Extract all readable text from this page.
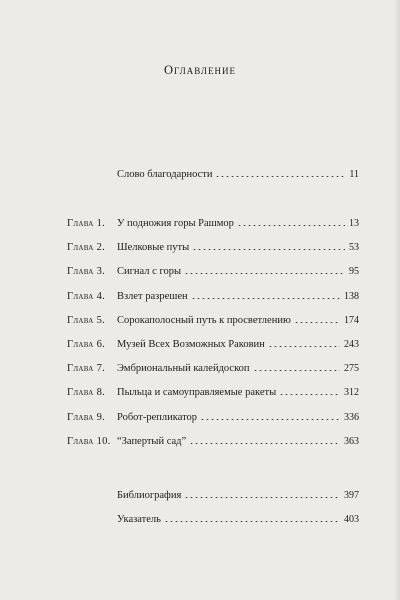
Оглавление
Слово благодарности	11
Глава 1. У подножия горы Рашмор	13
Глава 2. Шелковые путы	53
Глава 3. Сигнал с горы	95
Глава 4. Взлет разрешен	138
Глава 5. Сорокаполосный путь к просветлению	174
Глава 6. Музей Всех Возможных Раковин	243
Глава 7. Эмбриональный калейдоскоп	275
Глава 8. Пыльца и самоуправляемые ракеты	312
Глава 9. Робот-репликатор	336
Глава 10. “Запертый сад”	363
Библиография	397
Указатель	403
